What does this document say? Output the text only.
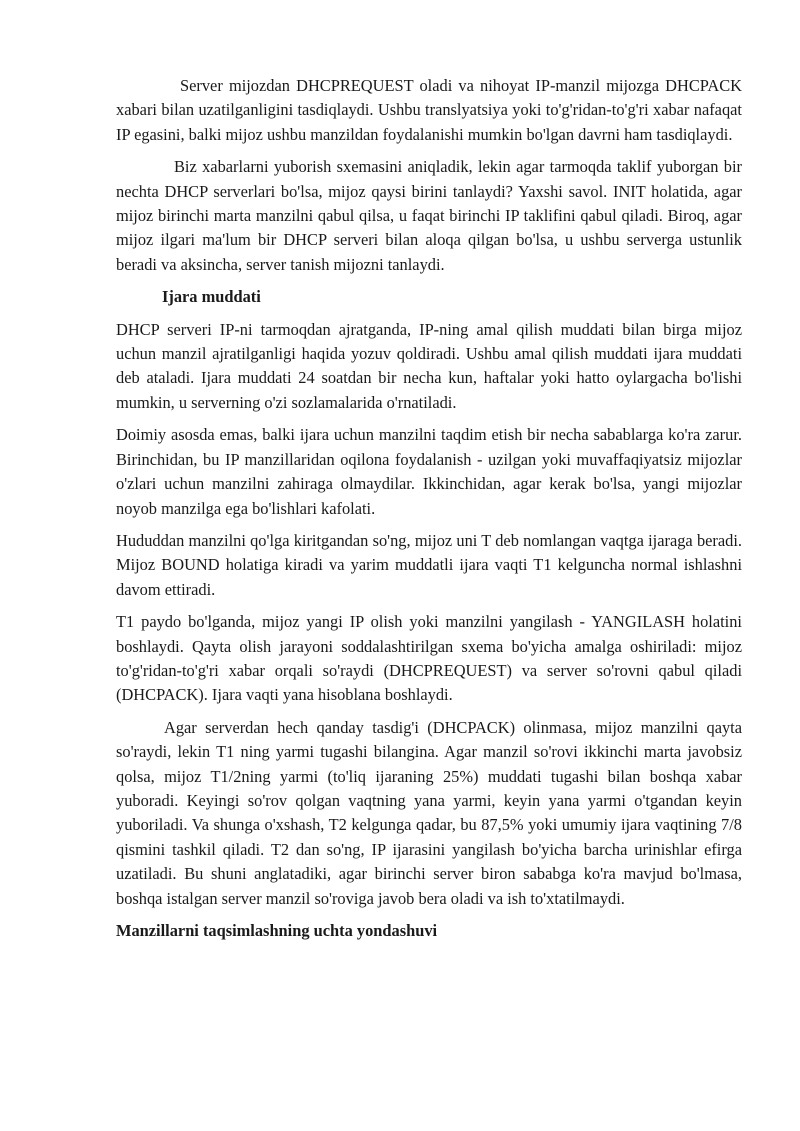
Server mijozdan DHCPREQUEST oladi va nihoyat IP-manzil mijozga DHCPACK xabari bilan uzatilganligini tasdiqlaydi. Ushbu translyatsiya yoki to'g'ridan-to'g'ri xabar nafaqat IP egasini, balki mijoz ushbu manzildan foydalanishi mumkin bo'lgan davrni ham tasdiqlaydi.

Biz xabarlarni yuborish sxemasini aniqladik, lekin agar tarmoqda taklif yuborgan bir nechta DHCP serverlari bo'lsa, mijoz qaysi birini tanlaydi? Yaxshi savol. INIT holatida, agar mijoz birinchi marta manzilni qabul qilsa, u faqat birinchi IP taklifini qabul qiladi. Biroq, agar mijoz ilgari ma'lum bir DHCP serveri bilan aloqa qilgan bo'lsa, u ushbu serverga ustunlik beradi va aksincha, server tanish mijozni tanlaydi.

Ijara muddati

DHCP serveri IP-ni tarmoqdan ajratganda, IP-ning amal qilish muddati bilan birga mijoz uchun manzil ajratilganligi haqida yozuv qoldiradi. Ushbu amal qilish muddati ijara muddati deb ataladi. Ijara muddati 24 soatdan bir necha kun, haftalar yoki hatto oylargacha bo'lishi mumkin, u serverning o'zi sozlamalarida o'rnatiladi.

Doimiy asosda emas, balki ijara uchun manzilni taqdim etish bir necha sabablarga ko'ra zarur. Birinchidan, bu IP manzillaridan oqilona foydalanish - uzilgan yoki muvaffaqiyatsiz mijozlar o'zlari uchun manzilni zahiraga olmaydilar. Ikkinchidan, agar kerak bo'lsa, yangi mijozlar noyob manzilga ega bo'lishlari kafolati.

Hududdan manzilni qo'lga kiritgandan so'ng, mijoz uni T deb nomlangan vaqtga ijaraga beradi. Mijoz BOUND holatiga kiradi va yarim muddatli ijara vaqti T1 kelguncha normal ishlashni davom ettiradi.

T1 paydo bo'lganda, mijoz yangi IP olish yoki manzilni yangilash - YANGILASH holatini boshlaydi. Qayta olish jarayoni soddalashtirilgan sxema bo'yicha amalga oshiriladi: mijoz to'g'ridan-to'g'ri xabar orqali so'raydi (DHCPREQUEST) va server so'rovni qabul qiladi (DHCPACK). Ijara vaqti yana hisoblana boshlaydi.

Agar serverdan hech qanday tasdig'i (DHCPACK) olinmasa, mijoz manzilni qayta so'raydi, lekin T1 ning yarmi tugashi bilangina. Agar manzil so'rovi ikkinchi marta javobsiz qolsa, mijoz T1/2ning yarmi (to'liq ijaraning 25%) muddati tugashi bilan boshqa xabar yuboradi. Keyingi so'rov qolgan vaqtning yana yarmi, keyin yana yarmi o'tgandan keyin yuboriladi. Va shunga o'xshash, T2 kelgunga qadar, bu 87,5% yoki umumiy ijara vaqtining 7/8 qismini tashkil qiladi. T2 dan so'ng, IP ijarasini yangilash bo'yicha barcha urinishlar efirga uzatiladi. Bu shuni anglatadiki, agar birinchi server biron sababga ko'ra mavjud bo'lmasa, boshqa istalgan server manzil so'roviga javob bera oladi va ish to'xtatilmaydi.

Manzillarni taqsimlashning uchta yondashuvi
